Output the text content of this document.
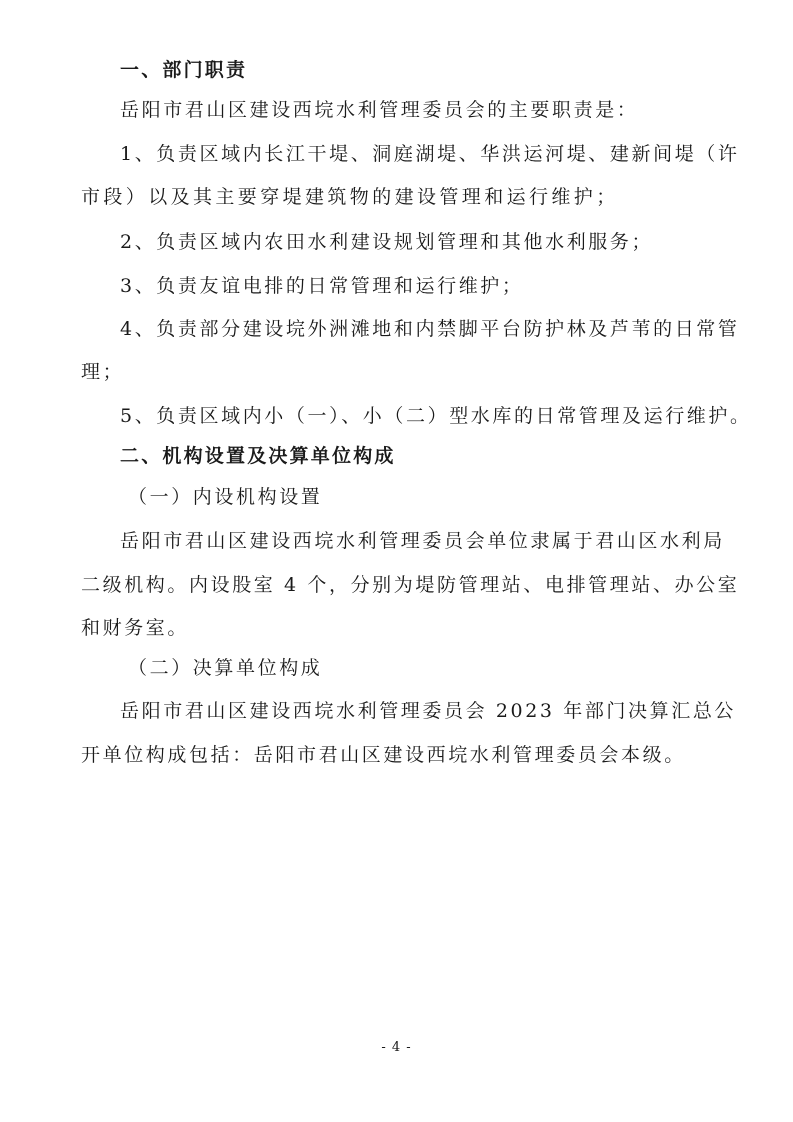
一、部门职责
岳阳市君山区建设西垸水利管理委员会的主要职责是：
1、负责区域内长江干堤、洞庭湖堤、华洪运河堤、建新间堤（许
市段）以及其主要穿堤建筑物的建设管理和运行维护；
2、负责区域内农田水利建设规划管理和其他水利服务；
3、负责友谊电排的日常管理和运行维护；
4、负责部分建设垸外洲滩地和内禁脚平台防护林及芦苇的日常管
理；
5、负责区域内小（一）、小（二）型水库的日常管理及运行维护。
二、机构设置及决算单位构成
（一）内设机构设置
岳阳市君山区建设西垸水利管理委员会单位隶属于君山区水利局
二级机构。内设股室 4 个，分别为堤防管理站、电排管理站、办公室
和财务室。
（二）决算单位构成
岳阳市君山区建设西垸水利管理委员会 2023 年部门决算汇总公
开单位构成包括：岳阳市君山区建设西垸水利管理委员会本级。
- 4 -
